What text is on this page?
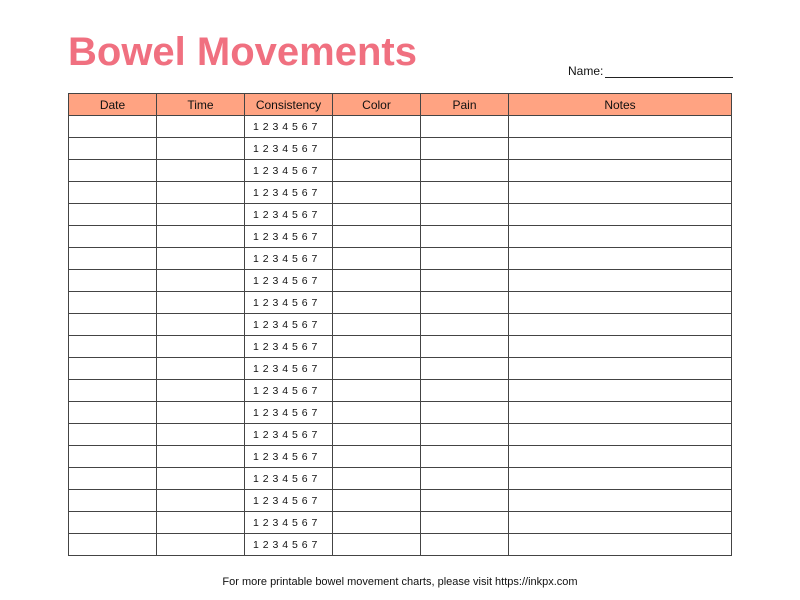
Bowel Movements	Name:
Date	Time	Consistency	Color	Pain	Notes
		1 2 3 4 5 6 7			
		1 2 3 4 5 6 7			
		1 2 3 4 5 6 7			
		1 2 3 4 5 6 7			
		1 2 3 4 5 6 7			
		1 2 3 4 5 6 7			
		1 2 3 4 5 6 7			
		1 2 3 4 5 6 7			
		1 2 3 4 5 6 7			
		1 2 3 4 5 6 7			
		1 2 3 4 5 6 7			
		1 2 3 4 5 6 7			
		1 2 3 4 5 6 7			
		1 2 3 4 5 6 7			
		1 2 3 4 5 6 7			
		1 2 3 4 5 6 7			
		1 2 3 4 5 6 7			
		1 2 3 4 5 6 7			
		1 2 3 4 5 6 7			
		1 2 3 4 5 6 7			
For more printable bowel movement charts, please visit https://inkpx.com
